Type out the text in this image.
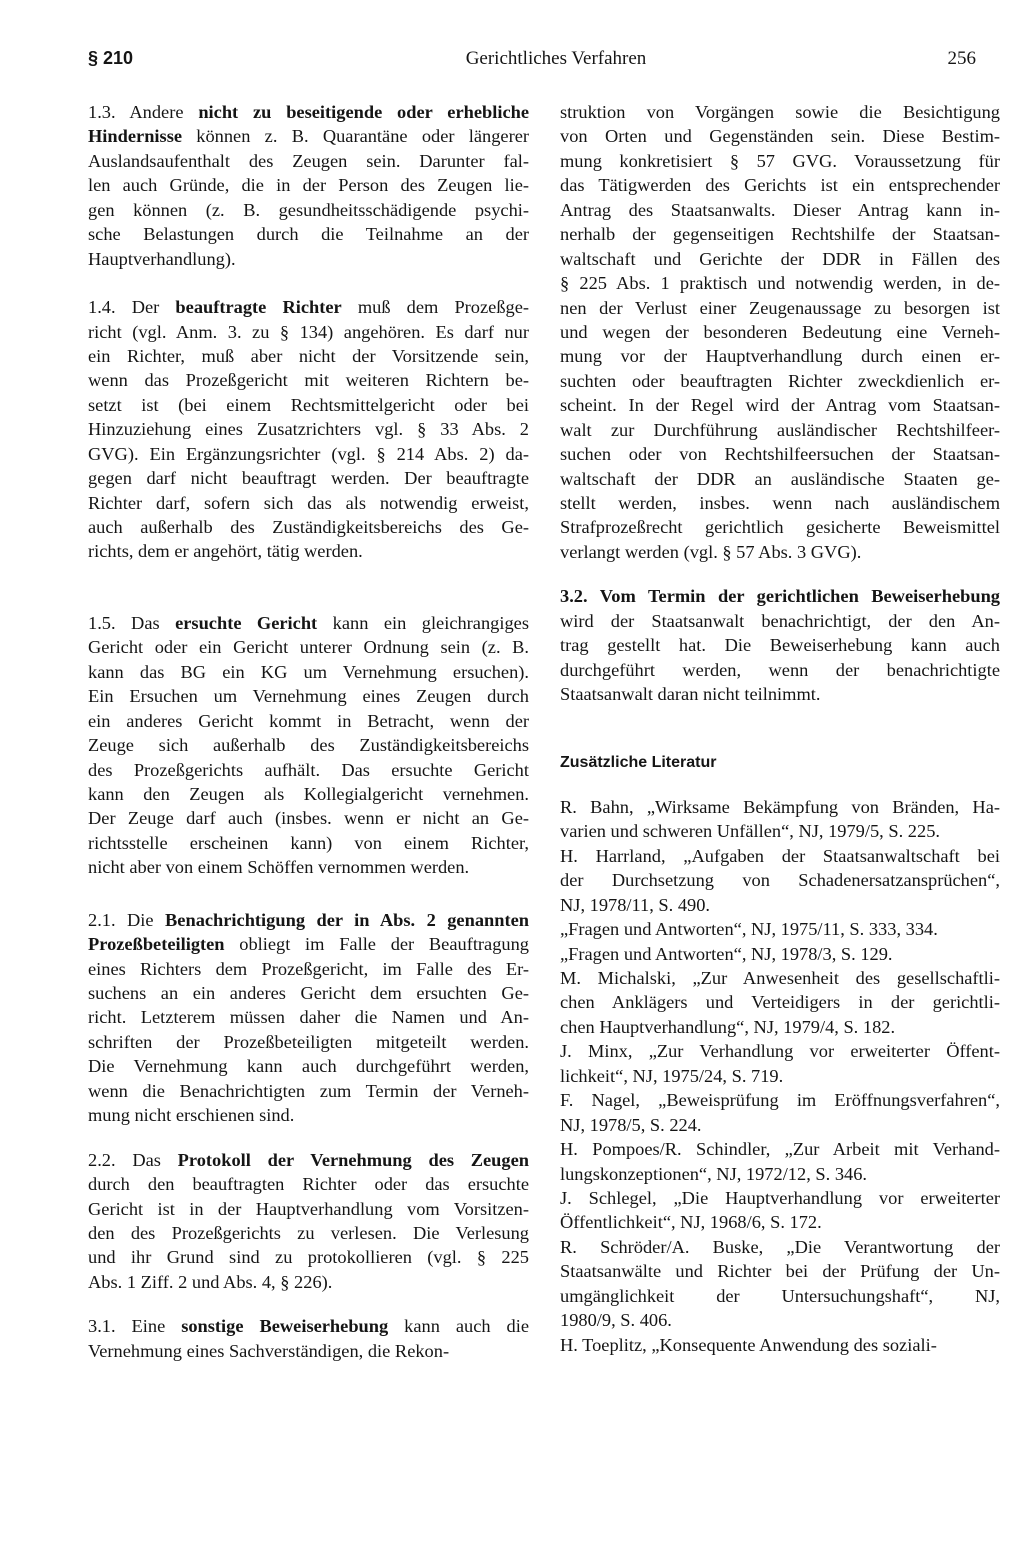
§ 210	Gerichtliches Verfahren	256
1.3. Andere nicht zu beseitigende oder erhebliche
Hindernisse können z. B. Quarantäne oder längerer
Auslandsaufenthalt des Zeugen sein. Darunter fal-
len auch Gründe, die in der Person des Zeugen lie-
gen können (z. B. gesundheitsschädigende psychi-
sche Belastungen durch die Teilnahme an der
Hauptverhandlung).
1.4. Der beauftragte Richter muß dem Prozeßge-
richt (vgl. Anm. 3. zu § 134) angehören. Es darf nur
ein Richter, muß aber nicht der Vorsitzende sein,
wenn das Prozeßgericht mit weiteren Richtern be-
setzt ist (bei einem Rechtsmittelgericht oder bei
Hinzuziehung eines Zusatzrichters vgl. § 33 Abs. 2
GVG). Ein Ergänzungsrichter (vgl. § 214 Abs. 2) da-
gegen darf nicht beauftragt werden. Der beauftragte
Richter darf, sofern sich das als notwendig erweist,
auch außerhalb des Zuständigkeitsbereichs des Ge-
richts, dem er angehört, tätig werden.
1.5. Das ersuchte Gericht kann ein gleichrangiges
Gericht oder ein Gericht unterer Ordnung sein (z. B.
kann das BG ein KG um Vernehmung ersuchen).
Ein Ersuchen um Vernehmung eines Zeugen durch
ein anderes Gericht kommt in Betracht, wenn der
Zeuge sich außerhalb des Zuständigkeitsbereichs
des Prozeßgerichts aufhält. Das ersuchte Gericht
kann den Zeugen als Kollegialgericht vernehmen.
Der Zeuge darf auch (insbes. wenn er nicht an Ge-
richtsstelle erscheinen kann) von einem Richter,
nicht aber von einem Schöffen vernommen werden.
2.1. Die Benachrichtigung der in Abs. 2 genannten
Prozeßbeteiligten obliegt im Falle der Beauftragung
eines Richters dem Prozeßgericht, im Falle des Er-
suchens an ein anderes Gericht dem ersuchten Ge-
richt. Letzterem müssen daher die Namen und An-
schriften der Prozeßbeteiligten mitgeteilt werden.
Die Vernehmung kann auch durchgeführt werden,
wenn die Benachrichtigten zum Termin der Verneh-
mung nicht erschienen sind.
2.2. Das Protokoll der Vernehmung des Zeugen
durch den beauftragten Richter oder das ersuchte
Gericht ist in der Hauptverhandlung vom Vorsitzen-
den des Prozeßgerichts zu verlesen. Die Verlesung
und ihr Grund sind zu protokollieren (vgl. § 225
Abs. 1 Ziff. 2 und Abs. 4, § 226).
3.1. Eine sonstige Beweiserhebung kann auch die
Vernehmung eines Sachverständigen, die Rekon-
struktion von Vorgängen sowie die Besichtigung
von Orten und Gegenständen sein. Diese Bestim-
mung konkretisiert § 57 GVG. Voraussetzung für
das Tätigwerden des Gerichts ist ein entsprechender
Antrag des Staatsanwalts. Dieser Antrag kann in-
nerhalb der gegenseitigen Rechtshilfe der Staatsan-
waltschaft und Gerichte der DDR in Fällen des
§ 225 Abs. 1 praktisch und notwendig werden, in de-
nen der Verlust einer Zeugenaussage zu besorgen ist
und wegen der besonderen Bedeutung eine Verneh-
mung vor der Hauptverhandlung durch einen er-
suchten oder beauftragten Richter zweckdienlich er-
scheint. In der Regel wird der Antrag vom Staatsan-
walt zur Durchführung ausländischer Rechtshilfeer-
suchen oder von Rechtshilfeersuchen der Staatsan-
waltschaft der DDR an ausländische Staaten ge-
stellt werden, insbes. wenn nach ausländischem
Strafprozeßrecht gerichtlich gesicherte Beweismittel
verlangt werden (vgl. § 57 Abs. 3 GVG).
3.2. Vom Termin der gerichtlichen Beweiserhebung
wird der Staatsanwalt benachrichtigt, der den An-
trag gestellt hat. Die Beweiserhebung kann auch
durchgeführt werden, wenn der benachrichtigte
Staatsanwalt daran nicht teilnimmt.
Zusätzliche Literatur
R. Bahn, „Wirksame Bekämpfung von Bränden, Ha-
varien und schweren Unfällen“, NJ, 1979/5, S. 225.
H. Harrland, „Aufgaben der Staatsanwaltschaft bei
der Durchsetzung von Schadenersatzansprüchen“,
NJ, 1978/11, S. 490.
„Fragen und Antworten“, NJ, 1975/11, S. 333, 334.
„Fragen und Antworten“, NJ, 1978/3, S. 129.
M. Michalski, „Zur Anwesenheit des gesellschaftli-
chen Anklägers und Verteidigers in der gerichtli-
chen Hauptverhandlung“, NJ, 1979/4, S. 182.
J. Minx, „Zur Verhandlung vor erweiterter Öffent-
lichkeit“, NJ, 1975/24, S. 719.
F. Nagel, „Beweisprüfung im Eröffnungsverfahren“,
NJ, 1978/5, S. 224.
H. Pompoes/R. Schindler, „Zur Arbeit mit Verhand-
lungskonzeptionen“, NJ, 1972/12, S. 346.
J. Schlegel, „Die Hauptverhandlung vor erweiterter
Öffentlichkeit“, NJ, 1968/6, S. 172.
R. Schröder/A. Buske, „Die Verantwortung der
Staatsanwälte und Richter bei der Prüfung der Un-
umgänglichkeit der Untersuchungshaft“, NJ,
1980/9, S. 406.
H. Toeplitz, „Konsequente Anwendung des soziali-
